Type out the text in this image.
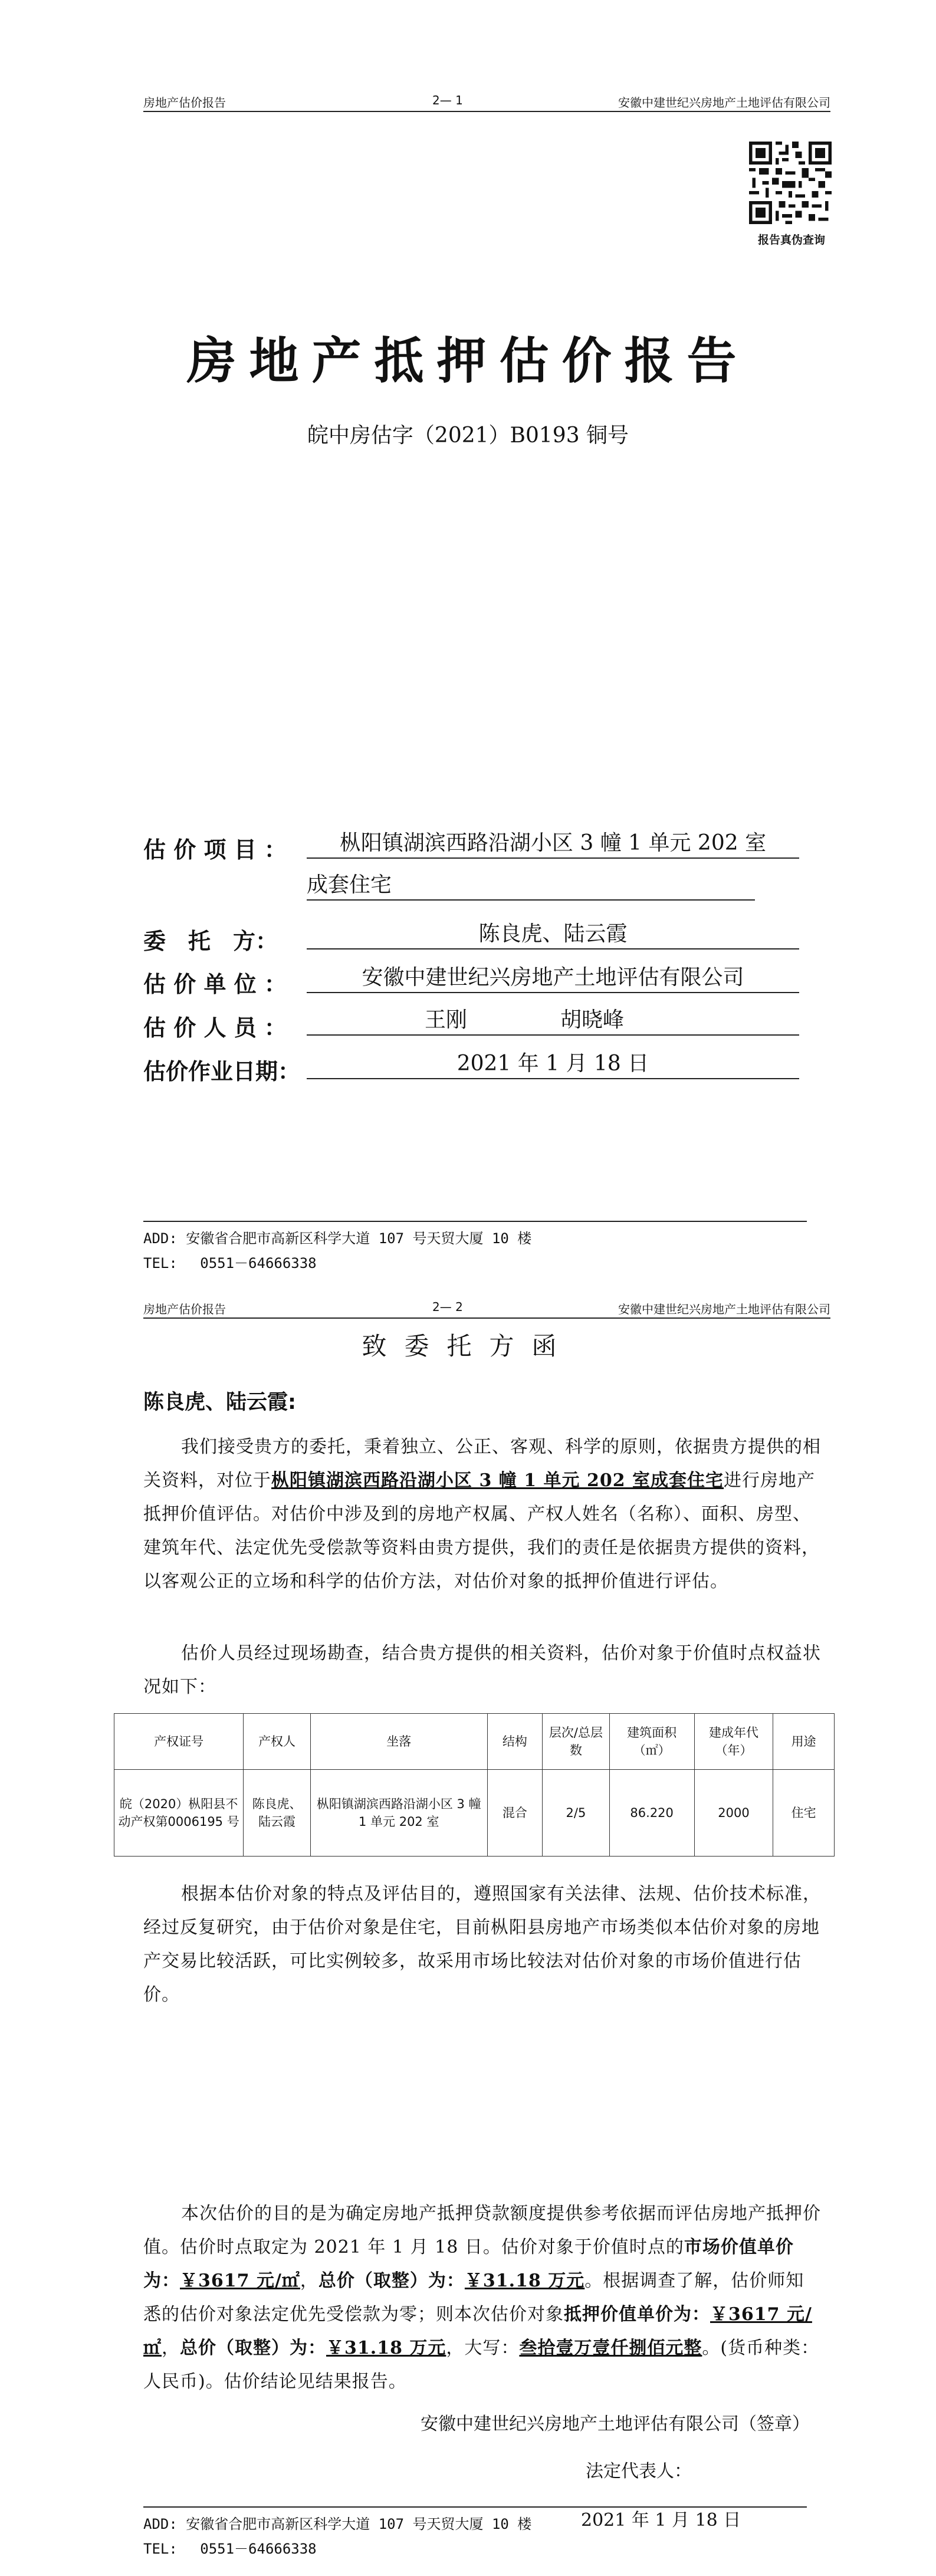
房地产估价报告	2— 1	安徽中建世纪兴房地产土地评估有限公司
报告真伪查询
房地产抵押估价报告
皖中房估字（2021）B0193 铜号
估 价 项 目 ：	枞阳镇湖滨西路沿湖小区 3 幢 1 单元 202 室
成套住宅
委　托　方：	陈良虎、陆云霞
估 价 单 位 ：	安徽中建世纪兴房地产土地评估有限公司
估 价 人 员 ：	王刚	胡晓峰
估价作业日期：	2021 年 1 月 18 日
ADD: 安徽省合肥市高新区科学大道 107 号天贸大厦 10 楼
TEL:　 0551－64666338
房地产估价报告	2— 2	安徽中建世纪兴房地产土地评估有限公司
致委托方函
陈良虎、陆云霞:
我们接受贵方的委托，秉着独立、公正、客观、科学的原则，依据贵方提供的相关资料，对位于枞阳镇湖滨西路沿湖小区 3 幢 1 单元 202 室成套住宅进行房地产抵押价值评估。对估价中涉及到的房地产权属、产权人姓名（名称）、面积、房型、建筑年代、法定优先受偿款等资料由贵方提供，我们的责任是依据贵方提供的资料，以客观公正的立场和科学的估价方法，对估价对象的抵押价值进行评估。
估价人员经过现场勘查，结合贵方提供的相关资料，估价对象于价值时点权益状况如下：
产权证号	产权人	坐落	结构	层次/总层数	建筑面积（㎡）	建成年代（年）	用途
皖（2020）枞阳县不动产权第0006195 号	陈良虎、陆云霞	枞阳镇湖滨西路沿湖小区 3 幢 1 单元 202 室	混合	2/5	86.220	2000	住宅
根据本估价对象的特点及评估目的，遵照国家有关法律、法规、估价技术标准，经过反复研究，由于估价对象是住宅，目前枞阳县房地产市场类似本估价对象的房地产交易比较活跃，可比实例较多，故采用市场比较法对估价对象的市场价值进行估价。
本次估价的目的是为确定房地产抵押贷款额度提供参考依据而评估房地产抵押价值。估价时点取定为 2021 年 1 月 18 日。估价对象于价值时点的市场价值单价为：￥3617 元/㎡，总价（取整）为：￥31.18 万元。根据调查了解，估价师知悉的估价对象法定优先受偿款为零；则本次估价对象抵押价值单价为：￥3617 元/㎡，总价（取整）为：￥31.18 万元，大写：叁拾壹万壹仟捌佰元整。(货币种类：人民币)。估价结论见结果报告。
安徽中建世纪兴房地产土地评估有限公司（签章）
法定代表人：
2021 年 1 月 18 日
ADD: 安徽省合肥市高新区科学大道 107 号天贸大厦 10 楼
TEL:　 0551－64666338
